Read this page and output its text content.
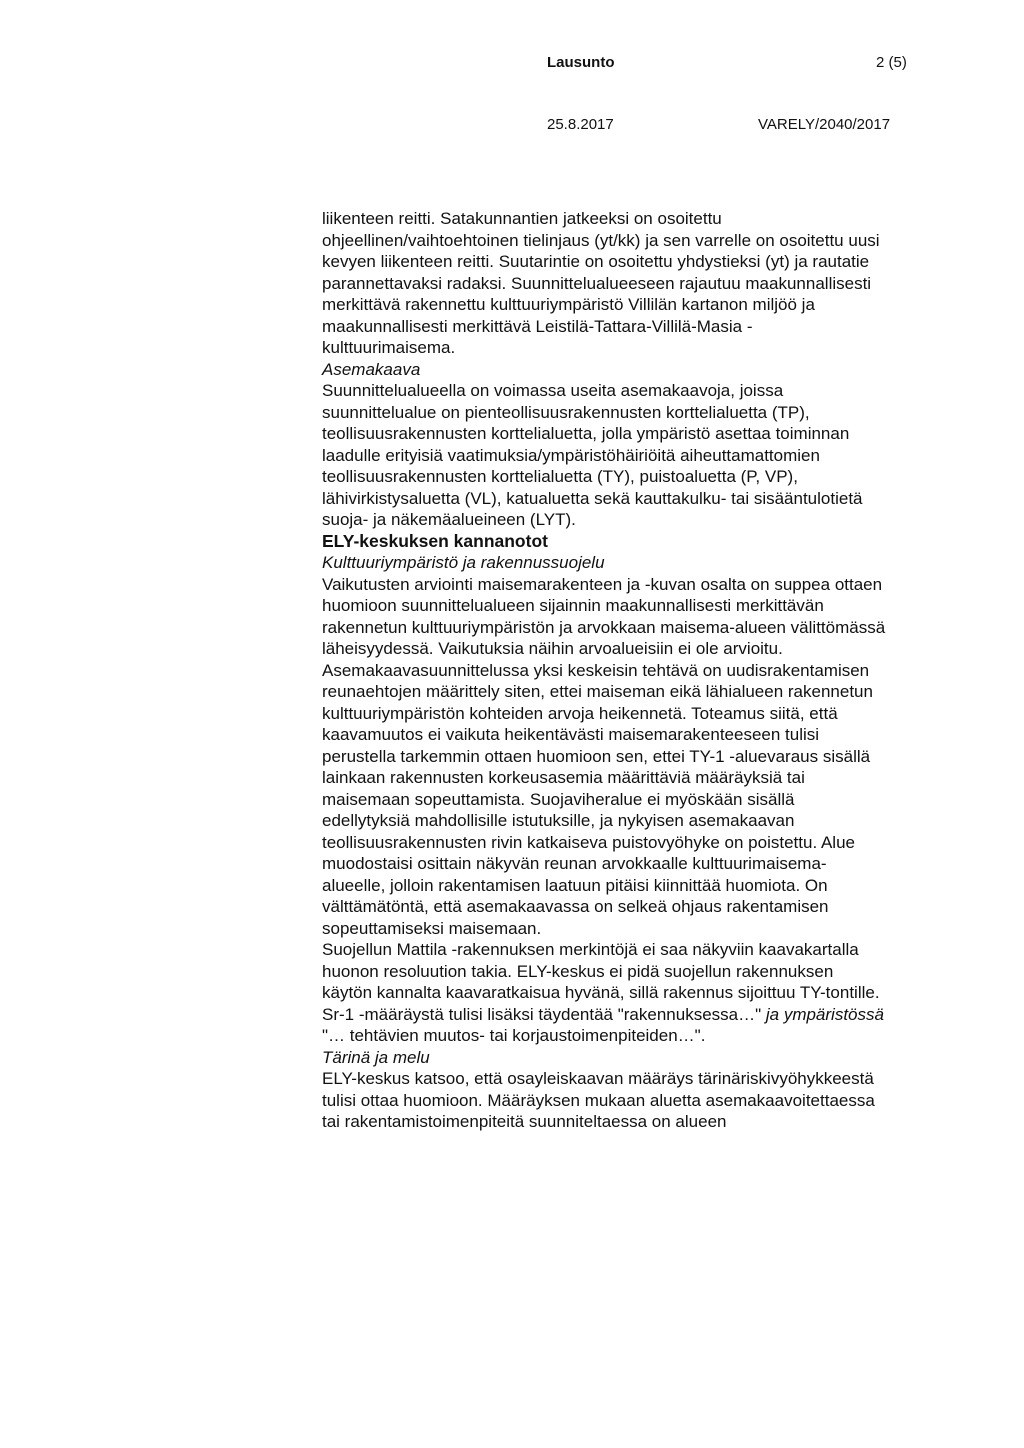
Lausunto	2 (5)
25.8.2017	VARELY/2040/2017

liikenteen reitti. Satakunnantien jatkeeksi on osoitettu
ohjeellinen/vaihtoehtoinen tielinjaus (yt/kk) ja sen varrelle on osoitettu uusi
kevyen liikenteen reitti. Suutarintie on osoitettu yhdystieksi (yt) ja rautatie
parannettavaksi radaksi. Suunnittelualueeseen rajautuu maakunnallisesti
merkittävä rakennettu kulttuuriympäristö Villilän kartanon miljöö ja
maakunnallisesti merkittävä Leistilä-Tattara-Villilä-Masia -
kulttuurimaisema.

Asemakaava

Suunnittelualueella on voimassa useita asemakaavoja, joissa
suunnittelualue on pienteollisuusrakennusten korttelialuetta (TP),
teollisuusrakennusten korttelialuetta, jolla ympäristö asettaa toiminnan
laadulle erityisiä vaatimuksia/ympäristöhäiriöitä aiheuttamattomien
teollisuusrakennusten korttelialuetta (TY), puistoaluetta (P, VP),
lähivirkistysaluetta (VL), katualuetta sekä kauttakulku- tai sisääntulotietä
suoja- ja näkemäalueineen (LYT).

ELY-keskuksen kannanotot

Kulttuuriympäristö ja rakennussuojelu

Vaikutusten arviointi maisemarakenteen ja -kuvan osalta on suppea ottaen
huomioon suunnittelualueen sijainnin maakunnallisesti merkittävän
rakennetun kulttuuriympäristön ja arvokkaan maisema-alueen välittömässä
läheisyydessä. Vaikutuksia näihin arvoalueisiin ei ole arvioitu.
Asemakaavasuunnittelussa yksi keskeisin tehtävä on uudisrakentamisen
reunaehtojen määrittely siten, ettei maiseman eikä lähialueen rakennetun
kulttuuriympäristön kohteiden arvoja heikennetä. Toteamus siitä, että
kaavamuutos ei vaikuta heikentävästi maisemarakenteeseen tulisi
perustella tarkemmin ottaen huomioon sen, ettei TY-1 -aluevaraus sisällä
lainkaan rakennusten korkeusasemia määrittäviä määräyksiä tai
maisemaan sopeuttamista. Suojaviheralue ei myöskään sisällä
edellytyksiä mahdollisille istutuksille, ja nykyisen asemakaavan
teollisuusrakennusten rivin katkaiseva puistovyöhyke on poistettu. Alue
muodostaisi osittain näkyvän reunan arvokkaalle kulttuurimaisema-
alueelle, jolloin rakentamisen laatuun pitäisi kiinnittää huomiota. On
välttämätöntä, että asemakaavassa on selkeä ohjaus rakentamisen
sopeuttamiseksi maisemaan.

Suojellun Mattila -rakennuksen merkintöjä ei saa näkyviin kaavakartalla
huonon resoluution takia. ELY-keskus ei pidä suojellun rakennuksen
käytön kannalta kaavaratkaisua hyvänä, sillä rakennus sijoittuu TY-tontille.
Sr-1 -määräystä tulisi lisäksi täydentää "rakennuksessa…" ja ympäristössä
"… tehtävien muutos- tai korjaustoimenpiteiden…".

Tärinä ja melu

ELY-keskus katsoo, että osayleiskaavan määräys tärinäriskivyöhykkeestä
tulisi ottaa huomioon. Määräyksen mukaan aluetta asemakaavoitettaessa
tai rakentamistoimenpiteitä suunniteltaessa on alueen
